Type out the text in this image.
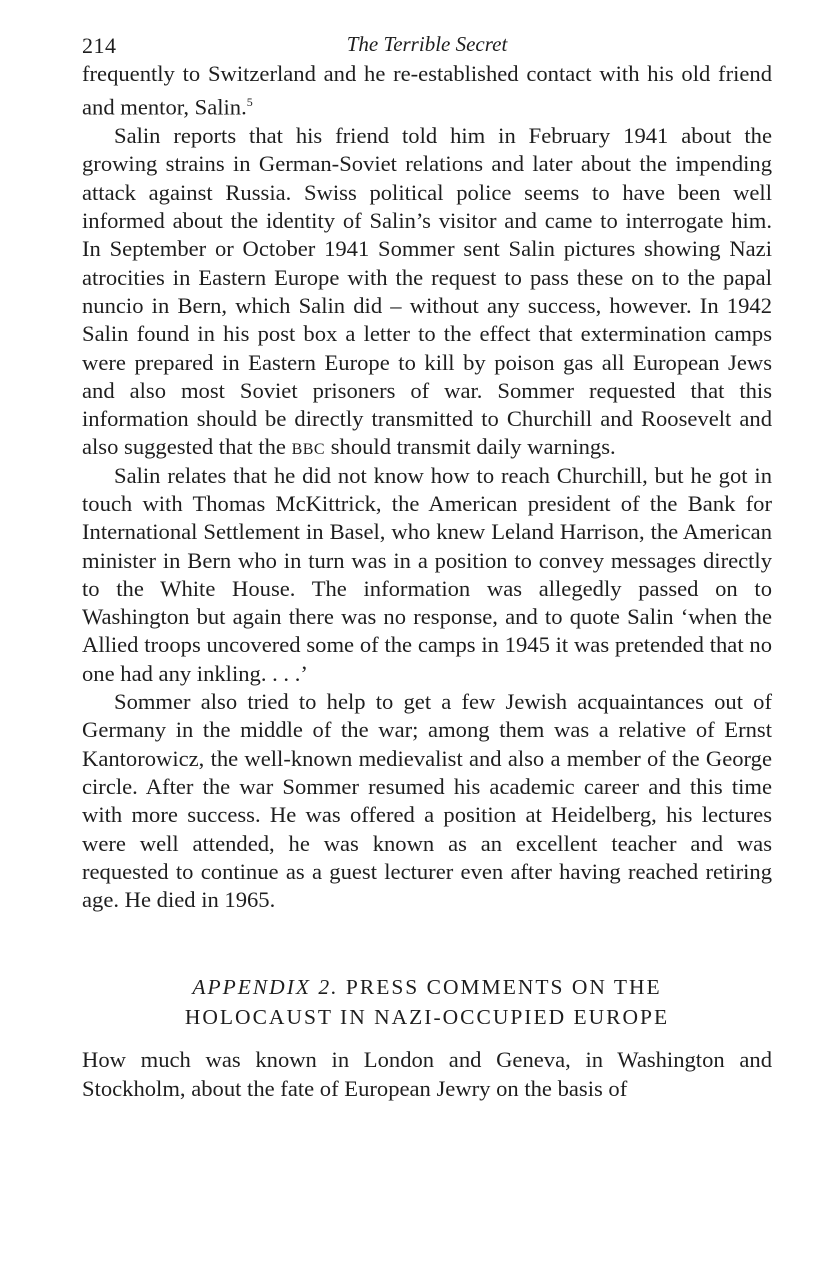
214	The Terrible Secret

frequently to Switzerland and he re-established contact with his old friend and mentor, Salin.$^5$

Salin reports that his friend told him in February 1941 about the growing strains in German-Soviet relations and later about the impending attack against Russia. Swiss political police seems to have been well informed about the identity of Salin’s visitor and came to interrogate him. In September or October 1941 Sommer sent Salin pictures showing Nazi atrocities in Eastern Europe with the request to pass these on to the papal nuncio in Bern, which Salin did – without any success, however. In 1942 Salin found in his post box a letter to the effect that extermination camps were prepared in Eastern Europe to kill by poison gas all European Jews and also most Soviet prisoners of war. Sommer requested that this information should be directly transmitted to Churchill and Roosevelt and also suggested that the bbc should transmit daily warnings.

Salin relates that he did not know how to reach Churchill, but he got in touch with Thomas McKittrick, the American president of the Bank for International Settlement in Basel, who knew Leland Harrison, the American minister in Bern who in turn was in a position to convey messages directly to the White House. The information was allegedly passed on to Washington but again there was no response, and to quote Salin ‘when the Allied troops uncovered some of the camps in 1945 it was pretended that no one had any inkling. . . .’

Sommer also tried to help to get a few Jewish acquaintances out of Germany in the middle of the war; among them was a relative of Ernst Kantorowicz, the well-known medievalist and also a member of the George circle. After the war Sommer resumed his academic career and this time with more success. He was offered a position at Heidelberg, his lectures were well attended, he was known as an excellent teacher and was requested to continue as a guest lecturer even after having reached retiring age. He died in 1965.

APPENDIX 2. PRESS COMMENTS ON THE
HOLOCAUST IN NAZI-OCCUPIED EUROPE

How much was known in London and Geneva, in Washington and Stockholm, about the fate of European Jewry on the basis of
